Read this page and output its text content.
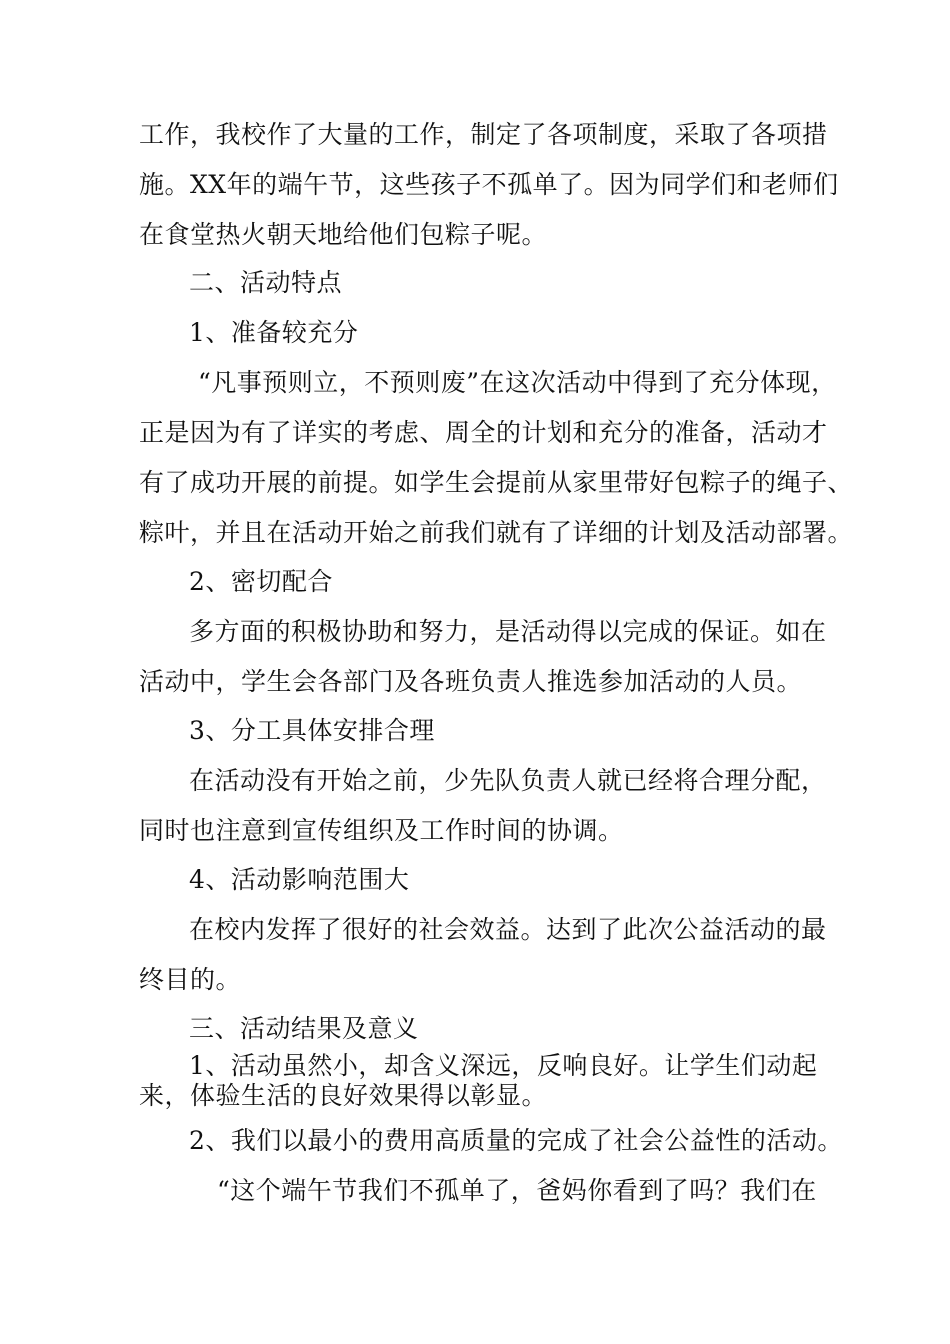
工作，我校作了大量的工作，制定了各项制度，采取了各项措
施。XX年的端午节，这些孩子不孤单了。因为同学们和老师们
在食堂热火朝天地给他们包粽子呢。
二、活动特点
1、准备较充分
“凡事预则立，不预则废”在这次活动中得到了充分体现，
正是因为有了详实的考虑、周全的计划和充分的准备，活动才
有了成功开展的前提。如学生会提前从家里带好包粽子的绳子、
粽叶，并且在活动开始之前我们就有了详细的计划及活动部署。
2、密切配合
多方面的积极协助和努力，是活动得以完成的保证。如在
活动中，学生会各部门及各班负责人推选参加活动的人员。
3、分工具体安排合理
在活动没有开始之前，少先队负责人就已经将合理分配，
同时也注意到宣传组织及工作时间的协调。
4、活动影响范围大
在校内发挥了很好的社会效益。达到了此次公益活动的最
终目的。
三、活动结果及意义
1、活动虽然小，却含义深远，反响良好。让学生们动起
来，体验生活的良好效果得以彰显。
2、我们以最小的费用高质量的完成了社会公益性的活动。
“这个端午节我们不孤单了，爸妈你看到了吗？我们在
